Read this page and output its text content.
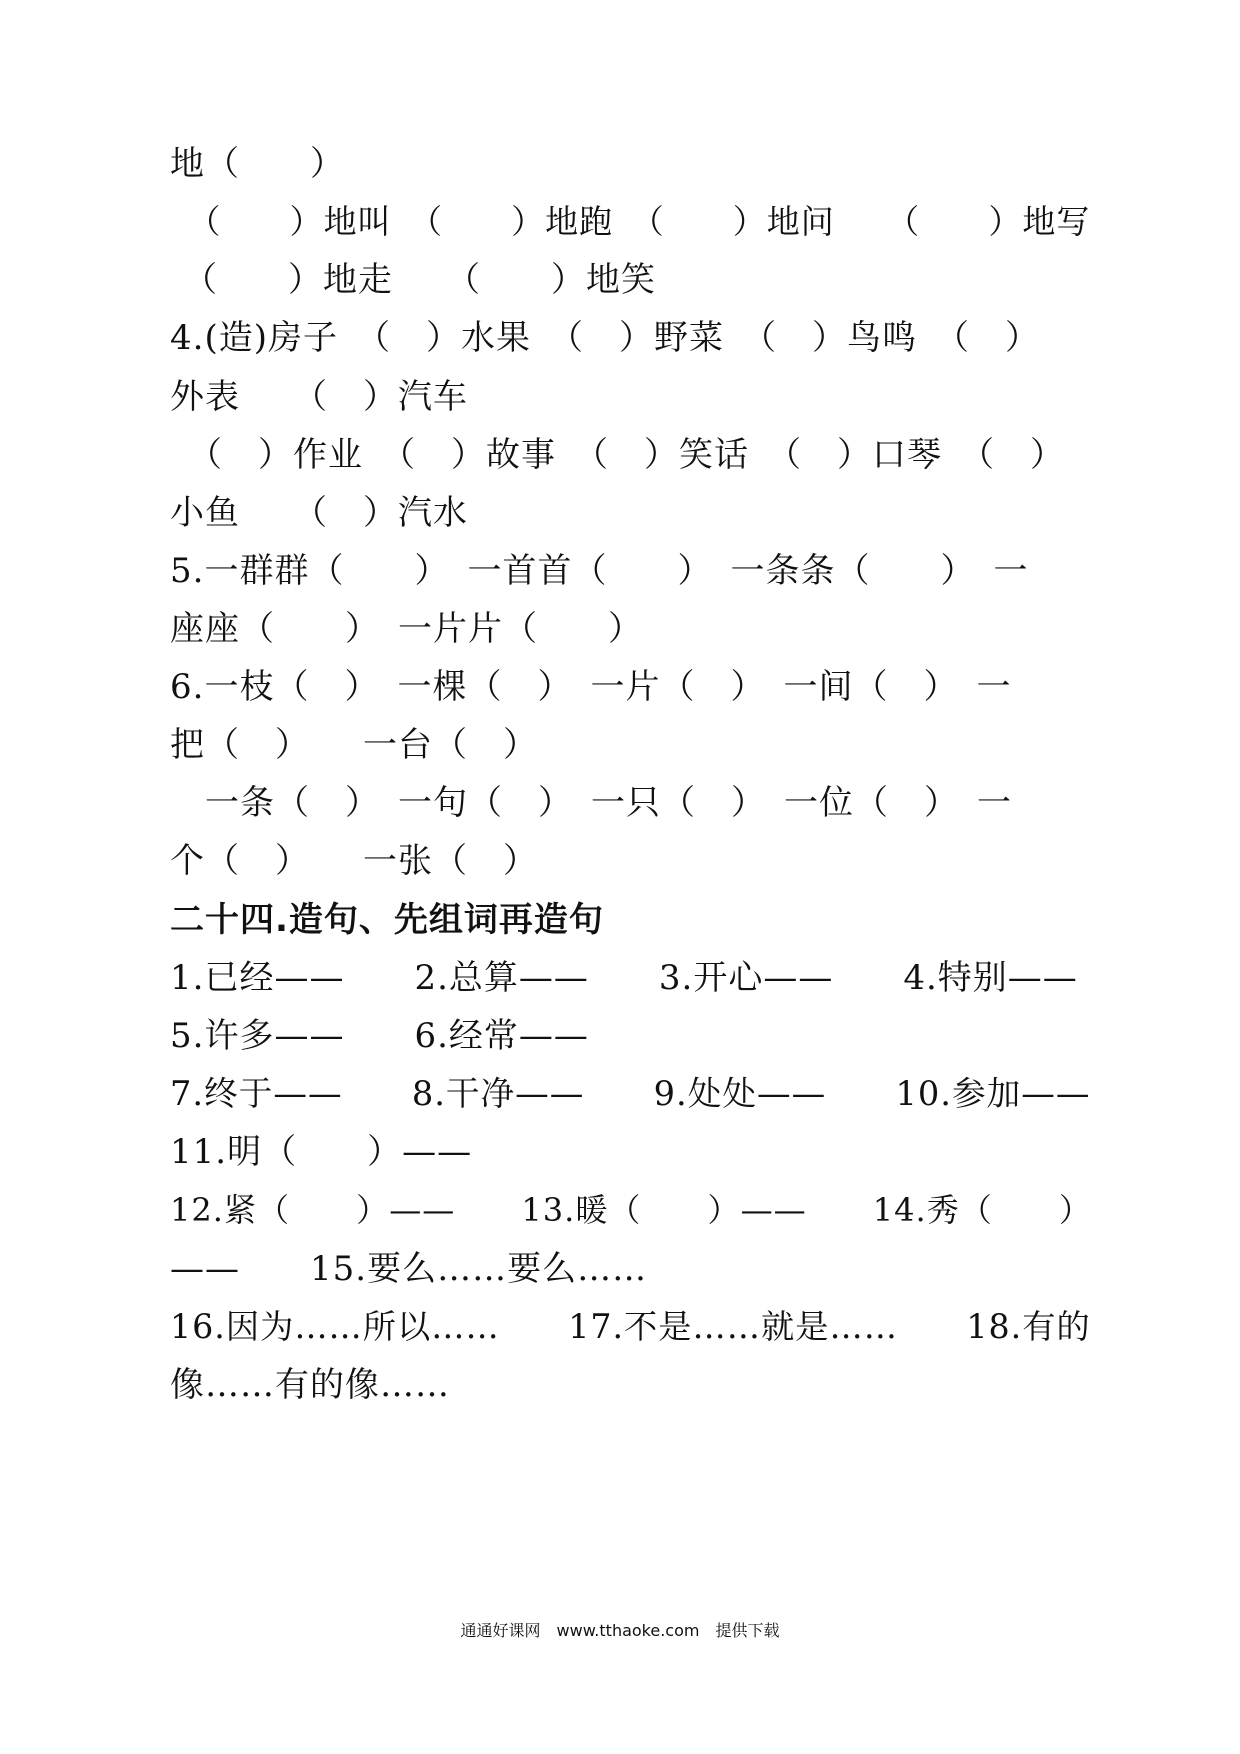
地（　　）
　（　　）地叫　（　　）地跑　（　　）地问　　（　　）地写
（　　）地走　　（　　）地笑
4.(造)房子　（　）水果　（　）野菜　（　）鸟鸣　（　）
外表　　（　）汽车
　（　）作业　（　）故事　（　）笑话　（　）口琴　（　）
小鱼　　（　）汽水
5.一群群（　　）　一首首（　　）　一条条（　　）　一
座座（　　）　一片片（　　）
6.一枝（　）　一棵（　）　一片（　）　一间（　）　一
把（　）　　一台（　）
　一条（　）　一句（　）　一只（　）　一位（　）　一
个（　）　　一张（　）
二十四.造句、先组词再造句
1.已经——　　2.总算——　　3.开心——　　4.特别——
5.许多——　　6.经常——
7.终于——　　8.干净——　　9.处处——　　10.参加——
11.明（　　）——
12.紧（　　）——　　13.暖（　　）——　　14.秀（　　）
——　　15.要么……要么……
16.因为……所以……　　17.不是……就是……　　18.有的
像……有的像……
通通好课网　www.tthaoke.com　提供下载
